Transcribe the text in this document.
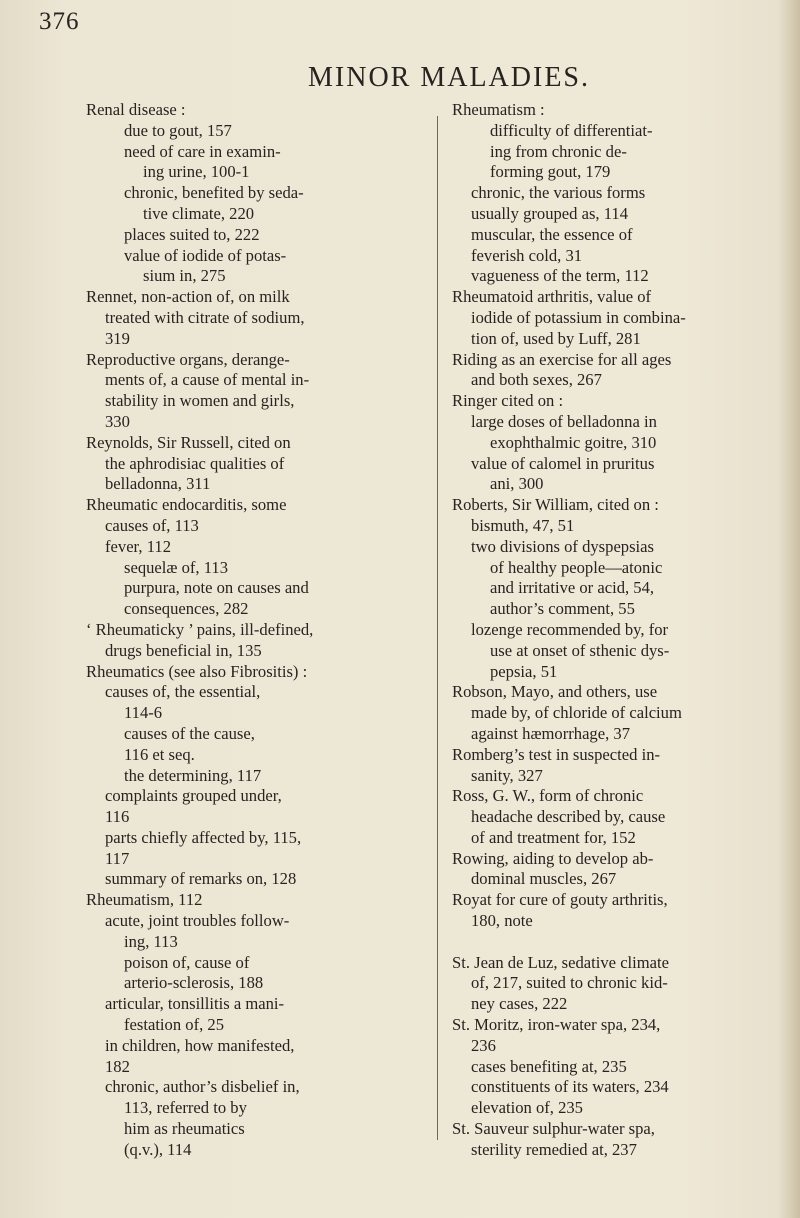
376
MINOR MALADIES.
Renal disease :
due to gout, 157
need of care in examin-
ing urine, 100-1
chronic, benefited by seda-
tive climate, 220
places suited to, 222
value of iodide of potas-
sium in, 275
Rennet, non-action of, on milk
treated with citrate of sodium,
319
Reproductive organs, derange-
ments of, a cause of mental in-
stability in women and girls,
330
Reynolds, Sir Russell, cited on
the aphrodisiac qualities of
belladonna, 311
Rheumatic endocarditis, some
causes of, 113
fever, 112
sequelæ of, 113
purpura, note on causes and
consequences, 282
‘ Rheumaticky ’ pains, ill-defined,
drugs beneficial in, 135
Rheumatics (see also Fibrositis) :
causes of, the essential,
114-6
causes of the cause,
116 et seq.
the determining, 117
complaints grouped under,
116
parts chiefly affected by, 115,
117
summary of remarks on, 128
Rheumatism, 112
acute, joint troubles follow-
ing, 113
poison of, cause of
arterio-sclerosis, 188
articular, tonsillitis a mani-
festation of, 25
in children, how manifested,
182
chronic, author’s disbelief in,
113, referred to by
him as rheumatics
(q.v.), 114
Rheumatism :
difficulty of differentiat-
ing from chronic de-
forming gout, 179
chronic, the various forms
usually grouped as, 114
muscular, the essence of
feverish cold, 31
vagueness of the term, 112
Rheumatoid arthritis, value of
iodide of potassium in combina-
tion of, used by Luff, 281
Riding as an exercise for all ages
and both sexes, 267
Ringer cited on :
large doses of belladonna in
exophthalmic goitre, 310
value of calomel in pruritus
ani, 300
Roberts, Sir William, cited on :
bismuth, 47, 51
two divisions of dyspepsias
of healthy people—atonic
and irritative or acid, 54,
author’s comment, 55
lozenge recommended by, for
use at onset of sthenic dys-
pepsia, 51
Robson, Mayo, and others, use
made by, of chloride of calcium
against hæmorrhage, 37
Romberg’s test in suspected in-
sanity, 327
Ross, G. W., form of chronic
headache described by, cause
of and treatment for, 152
Rowing, aiding to develop ab-
dominal muscles, 267
Royat for cure of gouty arthritis,
180, note
St. Jean de Luz, sedative climate
of, 217, suited to chronic kid-
ney cases, 222
St. Moritz, iron-water spa, 234,
236
cases benefiting at, 235
constituents of its waters, 234
elevation of, 235
St. Sauveur sulphur-water spa,
sterility remedied at, 237
